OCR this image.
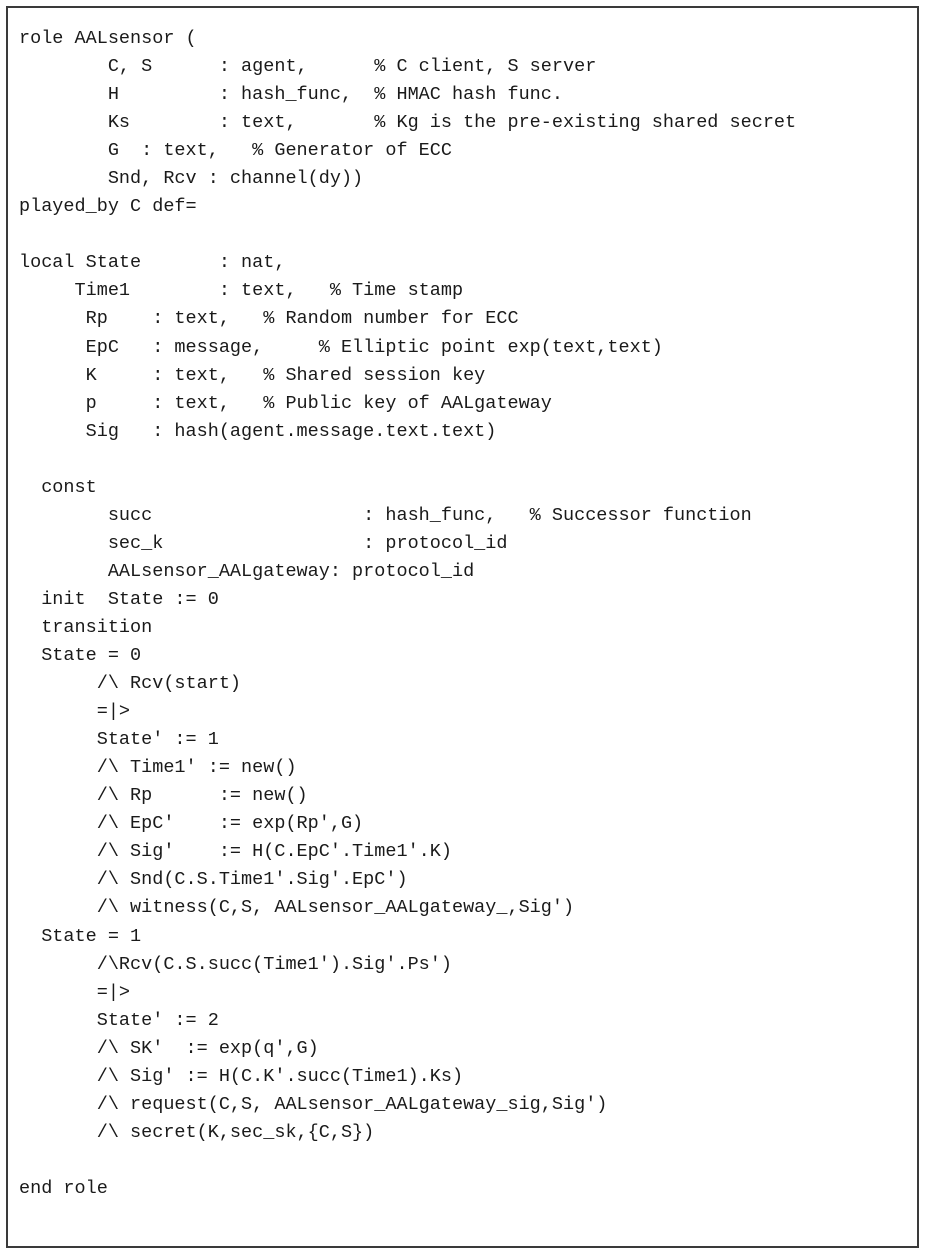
role AALsensor (
C, S      : agent,      % C client, S server
H         : hash_func,  % HMAC hash func.
Ks        : text,       % Kg is the pre-existing shared secret
G  : text,   % Generator of ECC
Snd, Rcv : channel(dy))
played_by C def=
local State       : nat,
Time1        : text,   % Time stamp
Rp    : text,   % Random number for ECC
EpC   : message,     % Elliptic point exp(text,text)
K     : text,   % Shared session key
p     : text,   % Public key of AALgateway
Sig   : hash(agent.message.text.text)
const
succ                   : hash_func,   % Successor function
sec_k                  : protocol_id
AALsensor_AALgateway: protocol_id
init  State := 0
transition
State = 0
/\ Rcv(start)
=|>
State' := 1
/\ Time1' := new()
/\ Rp      := new()
/\ EpC'    := exp(Rp',G)
/\ Sig'    := H(C.EpC'.Time1'.K)
/\ Snd(C.S.Time1'.Sig'.EpC')
/\ witness(C,S, AALsensor_AALgateway_,Sig')
State = 1
/\Rcv(C.S.succ(Time1').Sig'.Ps')
=|>
State' := 2
/\ SK'  := exp(q',G)
/\ Sig' := H(C.K'.succ(Time1).Ks)
/\ request(C,S, AALsensor_AALgateway_sig,Sig')
/\ secret(K,sec_sk,{C,S})
end role
